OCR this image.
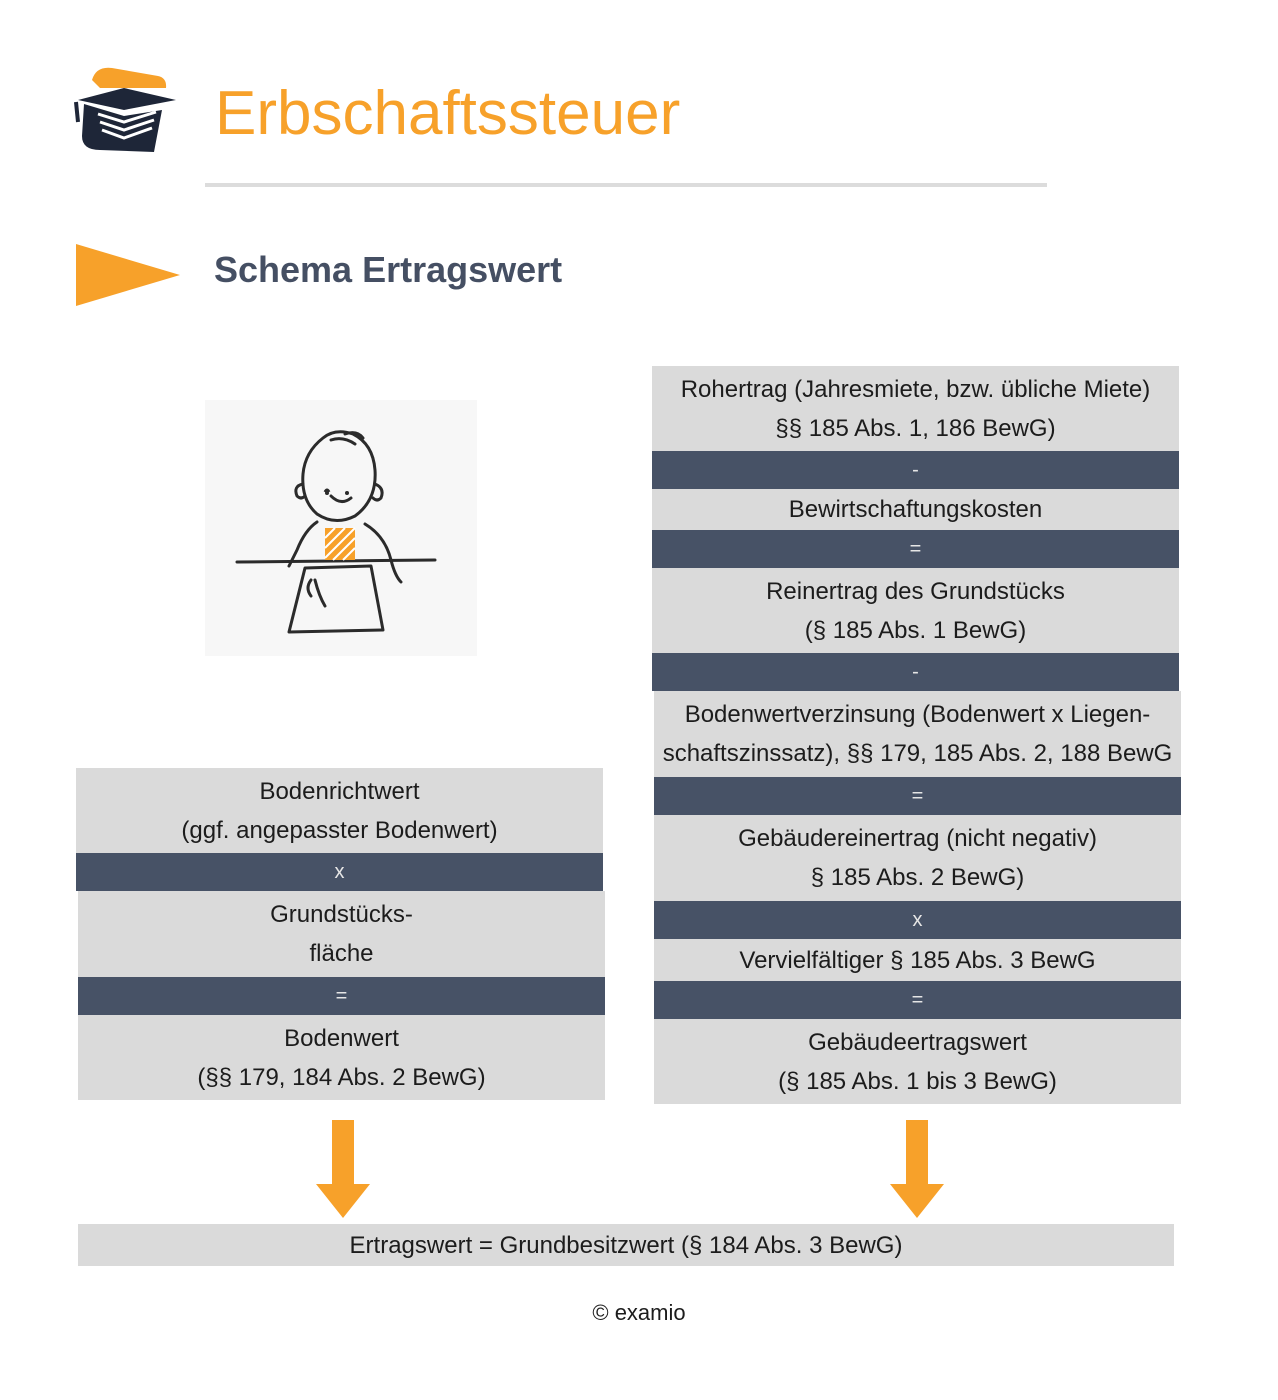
Erbschaftssteuer
Schema Ertragswert
Bodenrichtwert
(ggf. angepasster Bodenwert)
x
Grundstücks-
fläche
=
Bodenwert
(§§ 179, 184 Abs. 2 BewG)
Rohertrag (Jahresmiete, bzw. übliche Miete)
§§ 185 Abs. 1, 186 BewG)
-
Bewirtschaftungskosten
=
Reinertrag des Grundstücks
(§ 185 Abs. 1 BewG)
-
Bodenwertverzinsung (Bodenwert x Liegen-
schaftszinssatz), §§ 179, 185 Abs. 2, 188 BewG
=
Gebäudereinertrag (nicht negativ)
§ 185 Abs. 2 BewG)
x
Vervielfältiger § 185 Abs. 3 BewG
=
Gebäudeertragswert
(§ 185 Abs. 1 bis 3 BewG)
Ertragswert = Grundbesitzwert (§ 184 Abs. 3 BewG)
© examio
